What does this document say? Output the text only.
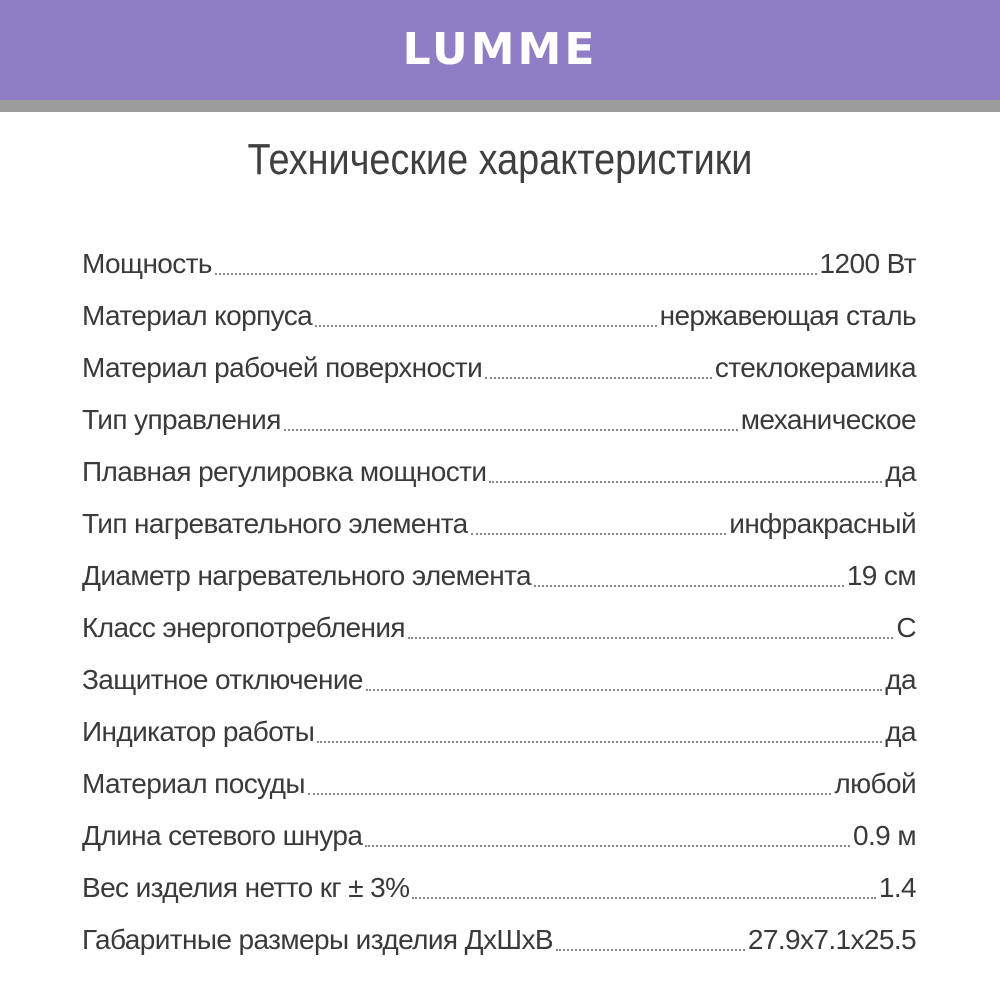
LUMME
Технические характеристики
Мощность	1200 Вт
Материал корпуса	нержавеющая сталь
Материал рабочей поверхности	стеклокерамика
Тип управления	механическое
Плавная регулировка мощности	да
Тип нагревательного элемента	инфракрасный
Диаметр нагревательного элемента	19 см
Класс энергопотребления	С
Защитное отключение	да
Индикатор работы	да
Материал посуды	любой
Длина сетевого шнура	0.9 м
Вес изделия нетто кг ± 3%	1.4
Габаритные размеры изделия ДхШхВ	27.9х7.1х25.5
